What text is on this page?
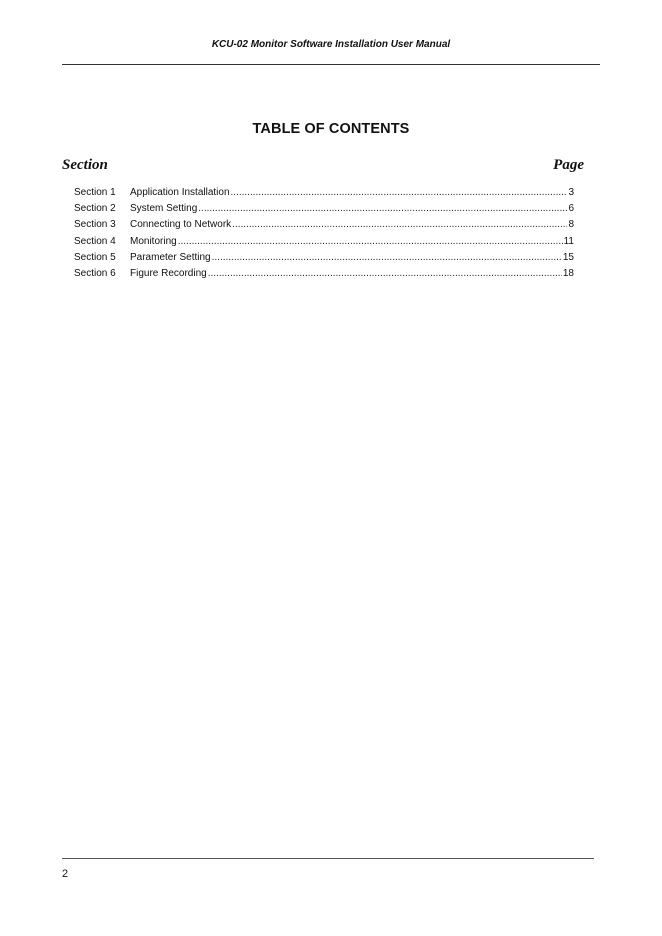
KCU-02 Monitor Software Installation User Manual
TABLE OF CONTENTS
Section	Page
Section 1	Application Installation .....	3
Section 2	System Setting .....	6
Section 3	Connecting to Network .....	8
Section 4	Monitoring .....	11
Section 5	Parameter Setting .....	15
Section 6	Figure Recording .....	18
2
